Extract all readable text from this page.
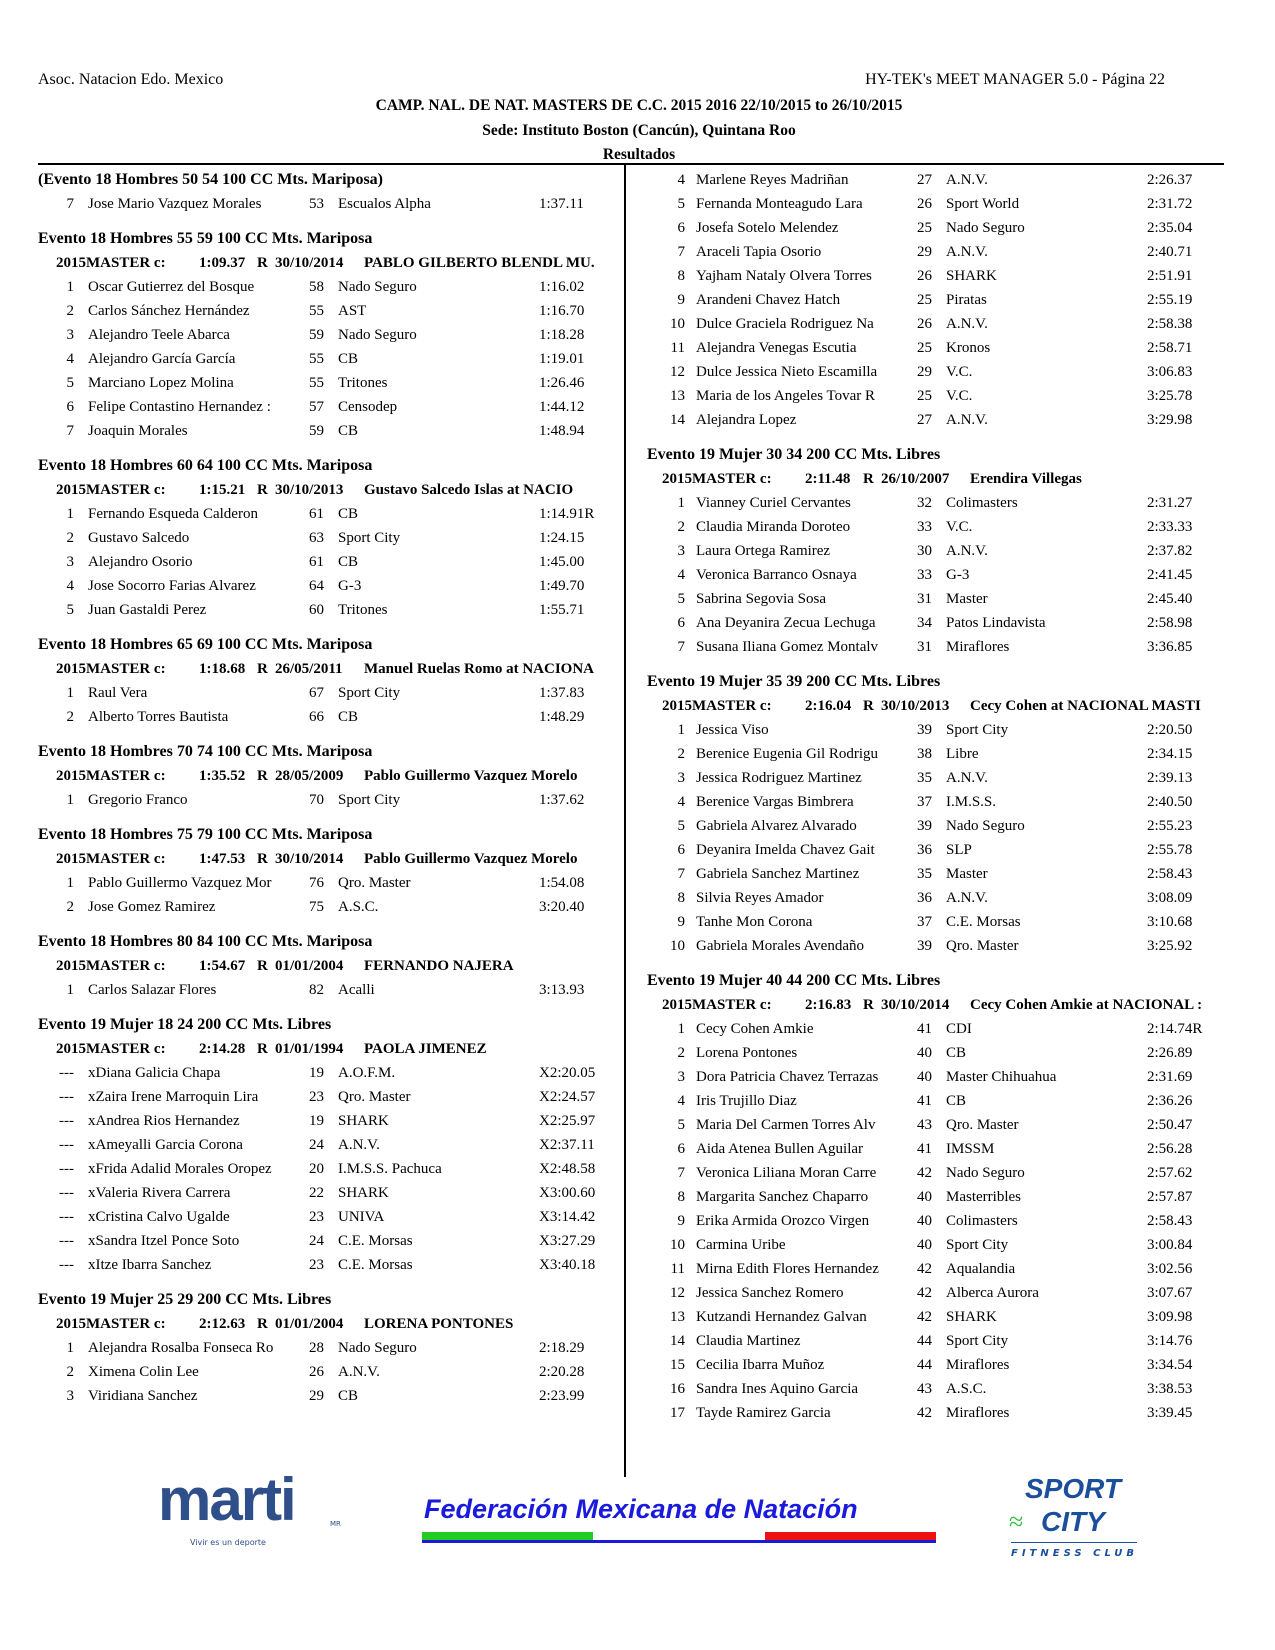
Asoc. Natacion Edo. Mexico	HY-TEK's MEET MANAGER 5.0 - Página 22
CAMP. NAL. DE NAT. MASTERS DE C.C. 2015 2016 22/10/2015 to 26/10/2015
Sede: Instituto Boston (Cancún), Quintana Roo
Resultados
(Evento 18 Hombres 50 54 100 CC Mts. Mariposa)
7 Jose Mario Vazquez Morales	53 Escualos Alpha	1:37.11
Evento 18 Hombres 55 59 100 CC Mts. Mariposa
2015MASTER c: 1:09.37 R 30/10/2014 PABLO GILBERTO BLENDL MU.
1 Oscar Gutierrez del Bosque	58 Nado Seguro	1:16.02
2 Carlos Sánchez Hernández	55 AST	1:16.70
3 Alejandro Teele Abarca	59 Nado Seguro	1:18.28
4 Alejandro García García	55 CB	1:19.01
5 Marciano Lopez Molina	55 Tritones	1:26.46
6 Felipe Contastino Hernandez :	57 Censodep	1:44.12
7 Joaquin Morales	59 CB	1:48.94
Evento 18 Hombres 60 64 100 CC Mts. Mariposa
2015MASTER c: 1:15.21 R 30/10/2013 Gustavo Salcedo Islas at NACIO
1 Fernando Esqueda Calderon	61 CB	1:14.91R
2 Gustavo Salcedo	63 Sport City	1:24.15
3 Alejandro Osorio	61 CB	1:45.00
4 Jose Socorro Farias Alvarez	64 G-3	1:49.70
5 Juan Gastaldi Perez	60 Tritones	1:55.71
Evento 18 Hombres 65 69 100 CC Mts. Mariposa
2015MASTER c: 1:18.68 R 26/05/2011 Manuel Ruelas Romo at NACIONA
1 Raul Vera	67 Sport City	1:37.83
2 Alberto Torres Bautista	66 CB	1:48.29
Evento 18 Hombres 70 74 100 CC Mts. Mariposa
2015MASTER c: 1:35.52 R 28/05/2009 Pablo Guillermo Vazquez Morelo
1 Gregorio Franco	70 Sport City	1:37.62
Evento 18 Hombres 75 79 100 CC Mts. Mariposa
2015MASTER c: 1:47.53 R 30/10/2014 Pablo Guillermo Vazquez Morelo
1 Pablo Guillermo Vazquez Mor	76 Qro. Master	1:54.08
2 Jose Gomez Ramirez	75 A.S.C.	3:20.40
Evento 18 Hombres 80 84 100 CC Mts. Mariposa
2015MASTER c: 1:54.67 R 01/01/2004 FERNANDO NAJERA
1 Carlos Salazar Flores	82 Acalli	3:13.93
Evento 19 Mujer 18 24 200 CC Mts. Libres
2015MASTER c: 2:14.28 R 01/01/1994 PAOLA JIMENEZ
--- xDiana Galicia Chapa	19 A.O.F.M.	X2:20.05
--- xZaira Irene Marroquin Lira	23 Qro. Master	X2:24.57
--- xAndrea Rios Hernandez	19 SHARK	X2:25.97
--- xAmeyalli Garcia Corona	24 A.N.V.	X2:37.11
--- xFrida Adalid Morales Oropez	20 I.M.S.S. Pachuca	X2:48.58
--- xValeria Rivera Carrera	22 SHARK	X3:00.60
--- xCristina Calvo Ugalde	23 UNIVA	X3:14.42
--- xSandra Itzel Ponce Soto	24 C.E. Morsas	X3:27.29
--- xItze Ibarra Sanchez	23 C.E. Morsas	X3:40.18
Evento 19 Mujer 25 29 200 CC Mts. Libres
2015MASTER c: 2:12.63 R 01/01/2004 LORENA PONTONES
1 Alejandra Rosalba Fonseca Ro	28 Nado Seguro	2:18.29
2 Ximena Colin Lee	26 A.N.V.	2:20.28
3 Viridiana Sanchez	29 CB	2:23.99
4 Marlene Reyes Madriñan	27 A.N.V.	2:26.37
5 Fernanda Monteagudo Lara	26 Sport World	2:31.72
6 Josefa Sotelo Melendez	25 Nado Seguro	2:35.04
7 Araceli Tapia Osorio	29 A.N.V.	2:40.71
8 Yajham Nataly Olvera Torres	26 SHARK	2:51.91
9 Arandeni Chavez Hatch	25 Piratas	2:55.19
10 Dulce Graciela Rodriguez Na	26 A.N.V.	2:58.38
11 Alejandra Venegas Escutia	25 Kronos	2:58.71
12 Dulce Jessica Nieto Escamilla	29 V.C.	3:06.83
13 Maria de los Angeles Tovar R	25 V.C.	3:25.78
14 Alejandra Lopez	27 A.N.V.	3:29.98
Evento 19 Mujer 30 34 200 CC Mts. Libres
2015MASTER c: 2:11.48 R 26/10/2007 Erendira Villegas
1 Vianney Curiel Cervantes	32 Colimasters	2:31.27
2 Claudia Miranda Doroteo	33 V.C.	2:33.33
3 Laura Ortega Ramirez	30 A.N.V.	2:37.82
4 Veronica Barranco Osnaya	33 G-3	2:41.45
5 Sabrina Segovia Sosa	31 Master	2:45.40
6 Ana Deyanira Zecua Lechuga	34 Patos Lindavista	2:58.98
7 Susana Iliana Gomez Montalv	31 Miraflores	3:36.85
Evento 19 Mujer 35 39 200 CC Mts. Libres
2015MASTER c: 2:16.04 R 30/10/2013 Cecy Cohen at NACIONAL MASTI
1 Jessica Viso	39 Sport City	2:20.50
2 Berenice Eugenia Gil Rodrigu	38 Libre	2:34.15
3 Jessica Rodriguez Martinez	35 A.N.V.	2:39.13
4 Berenice Vargas Bimbrera	37 I.M.S.S.	2:40.50
5 Gabriela Alvarez Alvarado	39 Nado Seguro	2:55.23
6 Deyanira Imelda Chavez Gait	36 SLP	2:55.78
7 Gabriela Sanchez Martinez	35 Master	2:58.43
8 Silvia Reyes Amador	36 A.N.V.	3:08.09
9 Tanhe Mon Corona	37 C.E. Morsas	3:10.68
10 Gabriela Morales Avendaño	39 Qro. Master	3:25.92
Evento 19 Mujer 40 44 200 CC Mts. Libres
2015MASTER c: 2:16.83 R 30/10/2014 Cecy Cohen Amkie at NACIONAL :
1 Cecy Cohen Amkie	41 CDI	2:14.74R
2 Lorena Pontones	40 CB	2:26.89
3 Dora Patricia Chavez Terrazas	40 Master Chihuahua	2:31.69
4 Iris Trujillo Diaz	41 CB	2:36.26
5 Maria Del Carmen Torres Alv	43 Qro. Master	2:50.47
6 Aida Atenea Bullen Aguilar	41 IMSSM	2:56.28
7 Veronica Liliana Moran Carre	42 Nado Seguro	2:57.62
8 Margarita Sanchez Chaparro	40 Masterribles	2:57.87
9 Erika Armida Orozco Virgen	40 Colimasters	2:58.43
10 Carmina Uribe	40 Sport City	3:00.84
11 Mirna Edith Flores Hernandez	42 Aqualandia	3:02.56
12 Jessica Sanchez Romero	42 Alberca Aurora	3:07.67
13 Kutzandi Hernandez Galvan	42 SHARK	3:09.98
14 Claudia Martinez	44 Sport City	3:14.76
15 Cecilia Ibarra Muñoz	44 Miraflores	3:34.54
16 Sandra Ines Aquino Garcia	43 A.S.C.	3:38.53
17 Tayde Ramirez Garcia	42 Miraflores	3:39.45
marti	MR
Vivir es un deporte
Federación Mexicana de Natación
SPORT
≈ CITY
FITNESS CLUB
